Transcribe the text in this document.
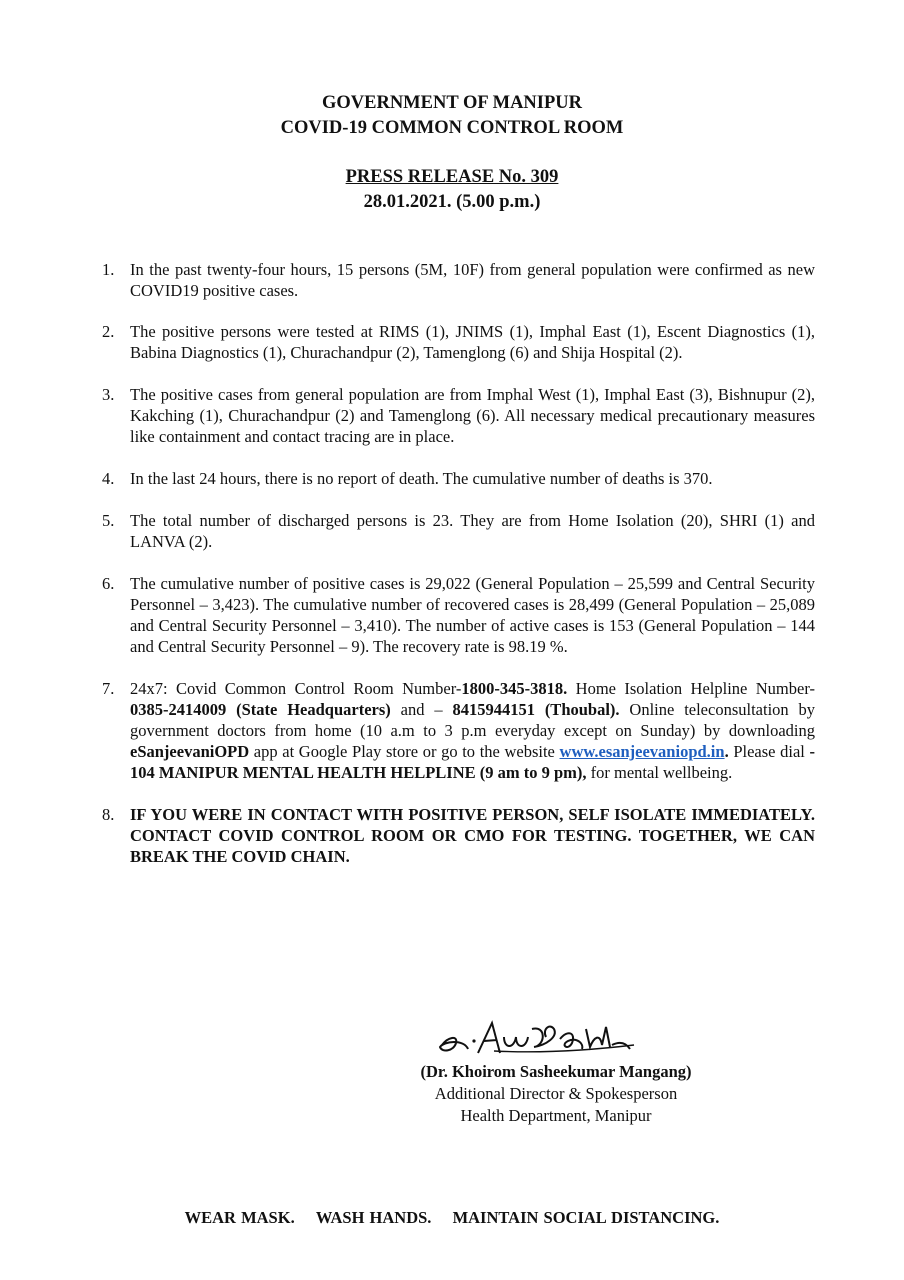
GOVERNMENT OF MANIPUR
COVID-19 COMMON CONTROL ROOM
PRESS RELEASE No. 309
28.01.2021. (5.00 p.m.)
1. In the past twenty-four hours, 15 persons (5M, 10F) from general population were confirmed as new COVID19 positive cases.
2. The positive persons were tested at RIMS (1), JNIMS (1), Imphal East (1), Escent Diagnostics (1), Babina Diagnostics (1), Churachandpur (2), Tamenglong (6) and Shija Hospital (2).
3. The positive cases from general population are from Imphal West (1), Imphal East (3), Bishnupur (2), Kakching (1), Churachandpur (2) and Tamenglong (6). All necessary medical precautionary measures like containment and contact tracing are in place.
4. In the last 24 hours, there is no report of death. The cumulative number of deaths is 370.
5. The total number of discharged persons is 23. They are from Home Isolation (20), SHRI (1) and LANVA (2).
6. The cumulative number of positive cases is 29,022 (General Population – 25,599 and Central Security Personnel – 3,423). The cumulative number of recovered cases is 28,499 (General Population – 25,089 and Central Security Personnel – 3,410). The number of active cases is 153 (General Population – 144 and Central Security Personnel – 9). The recovery rate is 98.19 %.
7. 24x7: Covid Common Control Room Number-1800-345-3818. Home Isolation Helpline Number- 0385-2414009 (State Headquarters) and – 8415944151 (Thoubal). Online teleconsultation by government doctors from home (10 a.m to 3 p.m everyday except on Sunday) by downloading eSanjeevaniOPD app at Google Play store or go to the website www.esanjeevaniopd.in. Please dial - 104 MANIPUR MENTAL HEALTH HELPLINE (9 am to 9 pm), for mental wellbeing.
8. IF YOU WERE IN CONTACT WITH POSITIVE PERSON, SELF ISOLATE IMMEDIATELY. CONTACT COVID CONTROL ROOM OR CMO FOR TESTING. TOGETHER, WE CAN BREAK THE COVID CHAIN.
(Dr. Khoirom Sasheekumar Mangang)
Additional Director & Spokesperson
Health Department, Manipur
WEAR MASK. WASH HANDS. MAINTAIN SOCIAL DISTANCING.
